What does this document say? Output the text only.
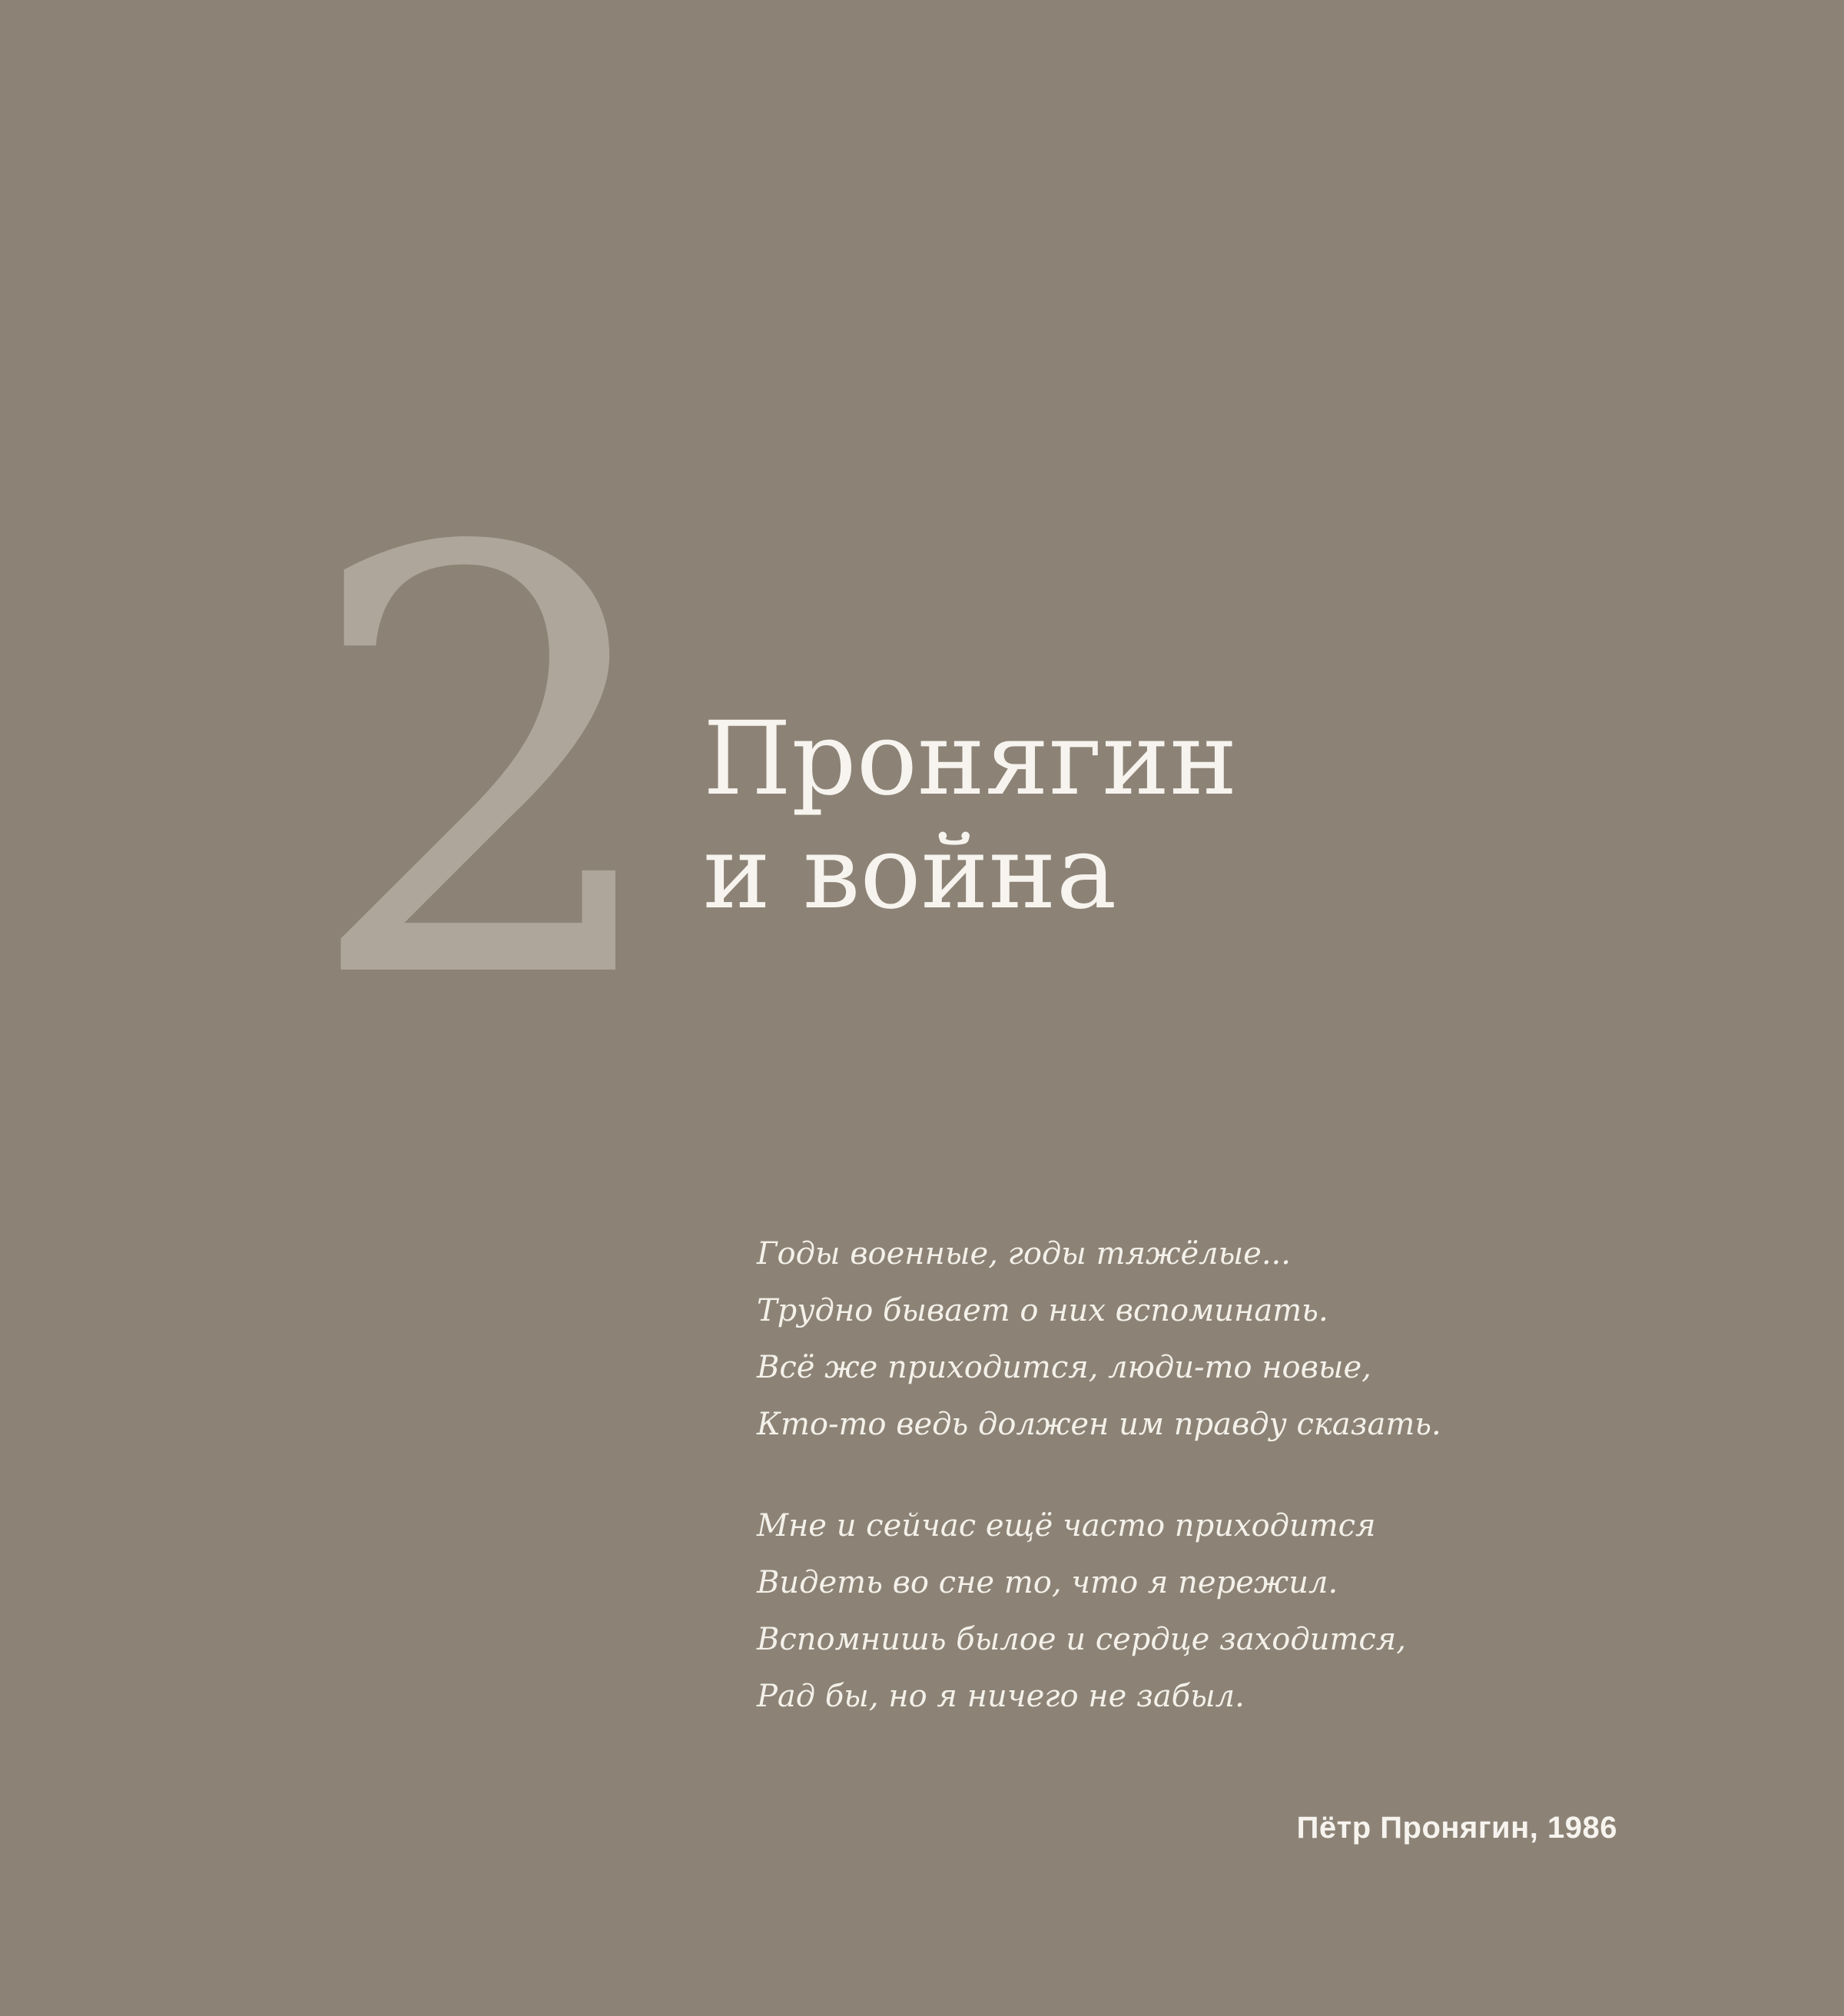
2 Пронягин
и война

Годы военные, годы тяжёлые...
Трудно бывает о них вспоминать.
Всё же приходится, люди-то новые,
Кто-то ведь должен им правду сказать.

Мне и сейчас ещё часто приходится
Видеть во сне то, что я пережил.
Вспомнишь былое и сердце заходится,
Рад бы, но я ничего не забыл.

Пётр Пронягин, 1986
